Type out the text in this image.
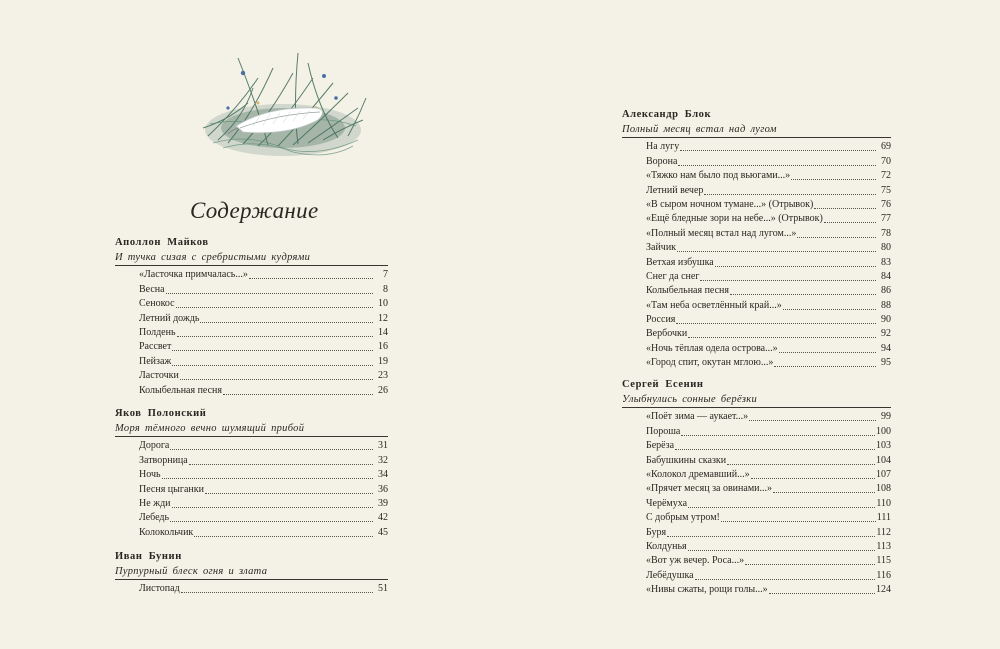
Содержание
Аполлон Майков
И тучка сизая с сребристыми кудрями
«Ласточка примчалась...»	7
Весна	8
Сенокос	10
Летний дождь	12
Полдень	14
Рассвет	16
Пейзаж	19
Ласточки	23
Колыбельная песня	26
Яков Полонский
Моря тёмного вечно шумящий прибой
Дорога	31
Затворница	32
Ночь	34
Песня цыганки	36
Не жди	39
Лебедь	42
Колокольчик	45
Иван Бунин
Пурпурный блеск огня и злата
Листопад	51
Александр Блок
Полный месяц встал над лугом
На лугу	69
Ворона	70
«Тяжко нам было под вьюгами...»	72
Летний вечер	75
«В сыром ночном тумане...» (Отрывок)	76
«Ещё бледные зори на небе...» (Отрывок)	77
«Полный месяц встал над лугом...»	78
Зайчик	80
Ветхая избушка	83
Снег да снег	84
Колыбельная песня	86
«Там неба осветлённый край...»	88
Россия	90
Вербочки	92
«Ночь тёплая одела острова...»	94
«Город спит, окутан мглою...»	95
Сергей Есенин
Улыбнулись сонные берёзки
«Поёт зима — аукает...»	99
Пороша	100
Берёза	103
Бабушкины сказки	104
«Колокол дремавший...»	107
«Прячет месяц за овинами...»	108
Черёмуха	110
С добрым утром!	111
Буря	112
Колдунья	113
«Вот уж вечер. Роса...»	115
Лебёдушка	116
«Нивы сжаты, рощи голы...»	124
